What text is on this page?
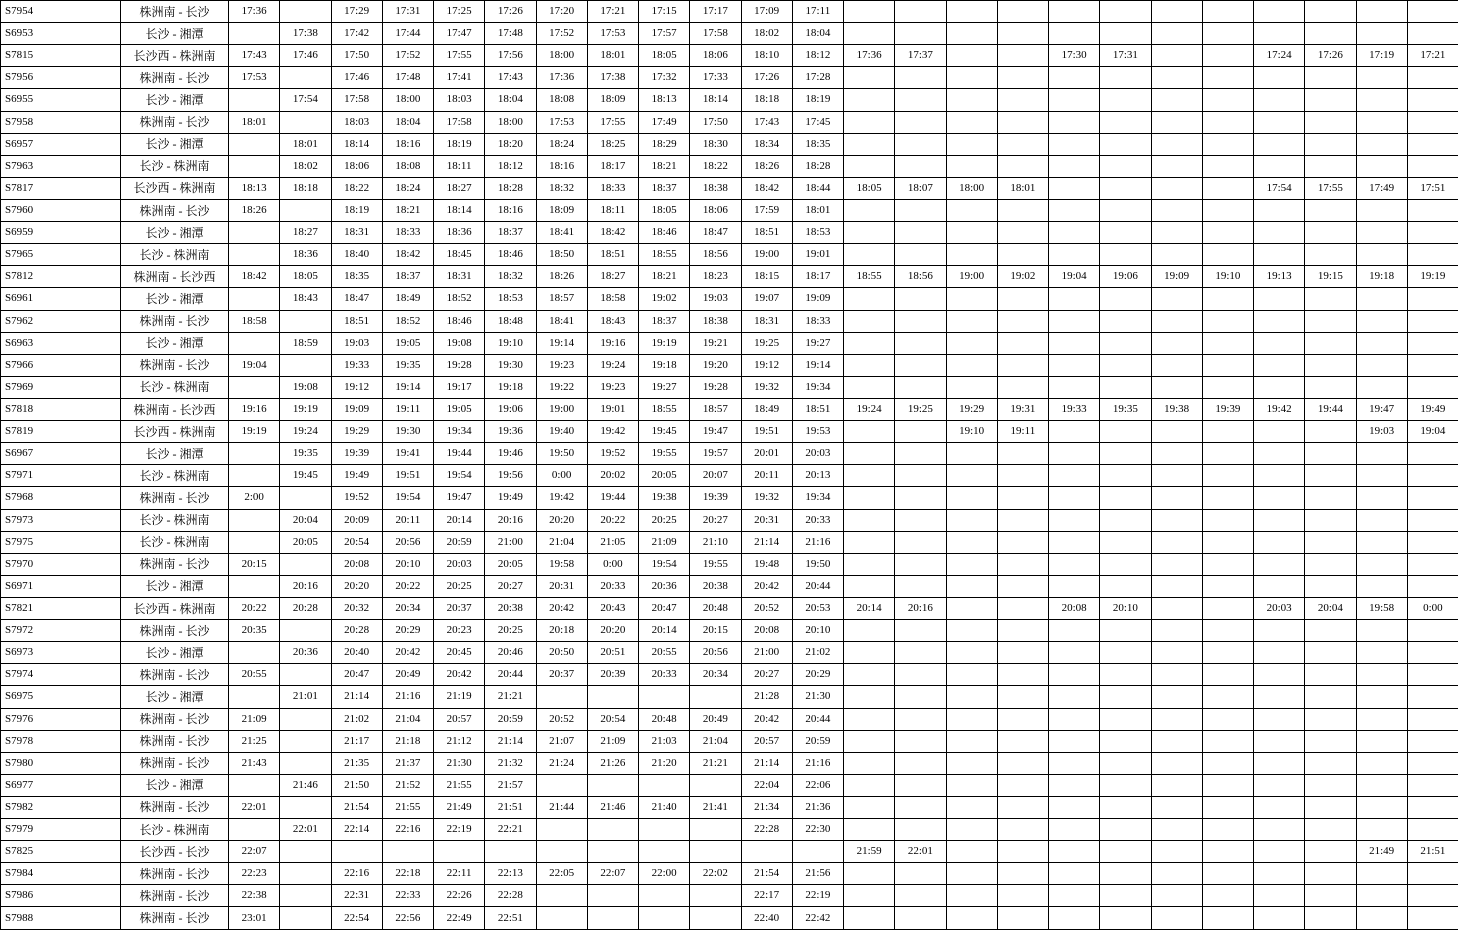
S7954	株洲南 - 长沙	17:36		17:29	17:31	17:25	17:26	17:20	17:21	17:15	17:17	17:09	17:11												
S6953	长沙 - 湘潭		17:38	17:42	17:44	17:47	17:48	17:52	17:53	17:57	17:58	18:02	18:04												
S7815	长沙西 - 株洲南	17:43	17:46	17:50	17:52	17:55	17:56	18:00	18:01	18:05	18:06	18:10	18:12	17:36	17:37			17:30	17:31			17:24	17:26	17:19	17:21
S7956	株洲南 - 长沙	17:53		17:46	17:48	17:41	17:43	17:36	17:38	17:32	17:33	17:26	17:28												
S6955	长沙 - 湘潭		17:54	17:58	18:00	18:03	18:04	18:08	18:09	18:13	18:14	18:18	18:19												
S7958	株洲南 - 长沙	18:01		18:03	18:04	17:58	18:00	17:53	17:55	17:49	17:50	17:43	17:45												
S6957	长沙 - 湘潭		18:01	18:14	18:16	18:19	18:20	18:24	18:25	18:29	18:30	18:34	18:35												
S7963	长沙 - 株洲南		18:02	18:06	18:08	18:11	18:12	18:16	18:17	18:21	18:22	18:26	18:28												
S7817	长沙西 - 株洲南	18:13	18:18	18:22	18:24	18:27	18:28	18:32	18:33	18:37	18:38	18:42	18:44	18:05	18:07	18:00	18:01					17:54	17:55	17:49	17:51
S7960	株洲南 - 长沙	18:26		18:19	18:21	18:14	18:16	18:09	18:11	18:05	18:06	17:59	18:01												
S6959	长沙 - 湘潭		18:27	18:31	18:33	18:36	18:37	18:41	18:42	18:46	18:47	18:51	18:53												
S7965	长沙 - 株洲南		18:36	18:40	18:42	18:45	18:46	18:50	18:51	18:55	18:56	19:00	19:01												
S7812	株洲南 - 长沙西	18:42	18:05	18:35	18:37	18:31	18:32	18:26	18:27	18:21	18:23	18:15	18:17	18:55	18:56	19:00	19:02	19:04	19:06	19:09	19:10	19:13	19:15	19:18	19:19
S6961	长沙 - 湘潭		18:43	18:47	18:49	18:52	18:53	18:57	18:58	19:02	19:03	19:07	19:09												
S7962	株洲南 - 长沙	18:58		18:51	18:52	18:46	18:48	18:41	18:43	18:37	18:38	18:31	18:33												
S6963	长沙 - 湘潭		18:59	19:03	19:05	19:08	19:10	19:14	19:16	19:19	19:21	19:25	19:27												
S7966	株洲南 - 长沙	19:04		19:33	19:35	19:28	19:30	19:23	19:24	19:18	19:20	19:12	19:14												
S7969	长沙 - 株洲南		19:08	19:12	19:14	19:17	19:18	19:22	19:23	19:27	19:28	19:32	19:34												
S7818	株洲南 - 长沙西	19:16	19:19	19:09	19:11	19:05	19:06	19:00	19:01	18:55	18:57	18:49	18:51	19:24	19:25	19:29	19:31	19:33	19:35	19:38	19:39	19:42	19:44	19:47	19:49
S7819	长沙西 - 株洲南	19:19	19:24	19:29	19:30	19:34	19:36	19:40	19:42	19:45	19:47	19:51	19:53			19:10	19:11							19:03	19:04
S6967	长沙 - 湘潭		19:35	19:39	19:41	19:44	19:46	19:50	19:52	19:55	19:57	20:01	20:03												
S7971	长沙 - 株洲南		19:45	19:49	19:51	19:54	19:56	0:00	20:02	20:05	20:07	20:11	20:13												
S7968	株洲南 - 长沙	2:00		19:52	19:54	19:47	19:49	19:42	19:44	19:38	19:39	19:32	19:34												
S7973	长沙 - 株洲南		20:04	20:09	20:11	20:14	20:16	20:20	20:22	20:25	20:27	20:31	20:33												
S7975	长沙 - 株洲南		20:05	20:54	20:56	20:59	21:00	21:04	21:05	21:09	21:10	21:14	21:16												
S7970	株洲南 - 长沙	20:15		20:08	20:10	20:03	20:05	19:58	0:00	19:54	19:55	19:48	19:50												
S6971	长沙 - 湘潭		20:16	20:20	20:22	20:25	20:27	20:31	20:33	20:36	20:38	20:42	20:44												
S7821	长沙西 - 株洲南	20:22	20:28	20:32	20:34	20:37	20:38	20:42	20:43	20:47	20:48	20:52	20:53	20:14	20:16			20:08	20:10			20:03	20:04	19:58	0:00
S7972	株洲南 - 长沙	20:35		20:28	20:29	20:23	20:25	20:18	20:20	20:14	20:15	20:08	20:10												
S6973	长沙 - 湘潭		20:36	20:40	20:42	20:45	20:46	20:50	20:51	20:55	20:56	21:00	21:02												
S7974	株洲南 - 长沙	20:55		20:47	20:49	20:42	20:44	20:37	20:39	20:33	20:34	20:27	20:29												
S6975	长沙 - 湘潭		21:01	21:14	21:16	21:19	21:21					21:28	21:30												
S7976	株洲南 - 长沙	21:09		21:02	21:04	20:57	20:59	20:52	20:54	20:48	20:49	20:42	20:44												
S7978	株洲南 - 长沙	21:25		21:17	21:18	21:12	21:14	21:07	21:09	21:03	21:04	20:57	20:59												
S7980	株洲南 - 长沙	21:43		21:35	21:37	21:30	21:32	21:24	21:26	21:20	21:21	21:14	21:16												
S6977	长沙 - 湘潭		21:46	21:50	21:52	21:55	21:57					22:04	22:06												
S7982	株洲南 - 长沙	22:01		21:54	21:55	21:49	21:51	21:44	21:46	21:40	21:41	21:34	21:36												
S7979	长沙 - 株洲南		22:01	22:14	22:16	22:19	22:21					22:28	22:30												
S7825	长沙西 - 长沙	22:07												21:59	22:01									21:49	21:51
S7984	株洲南 - 长沙	22:23		22:16	22:18	22:11	22:13	22:05	22:07	22:00	22:02	21:54	21:56												
S7986	株洲南 - 长沙	22:38		22:31	22:33	22:26	22:28					22:17	22:19												
S7988	株洲南 - 长沙	23:01		22:54	22:56	22:49	22:51					22:40	22:42												
